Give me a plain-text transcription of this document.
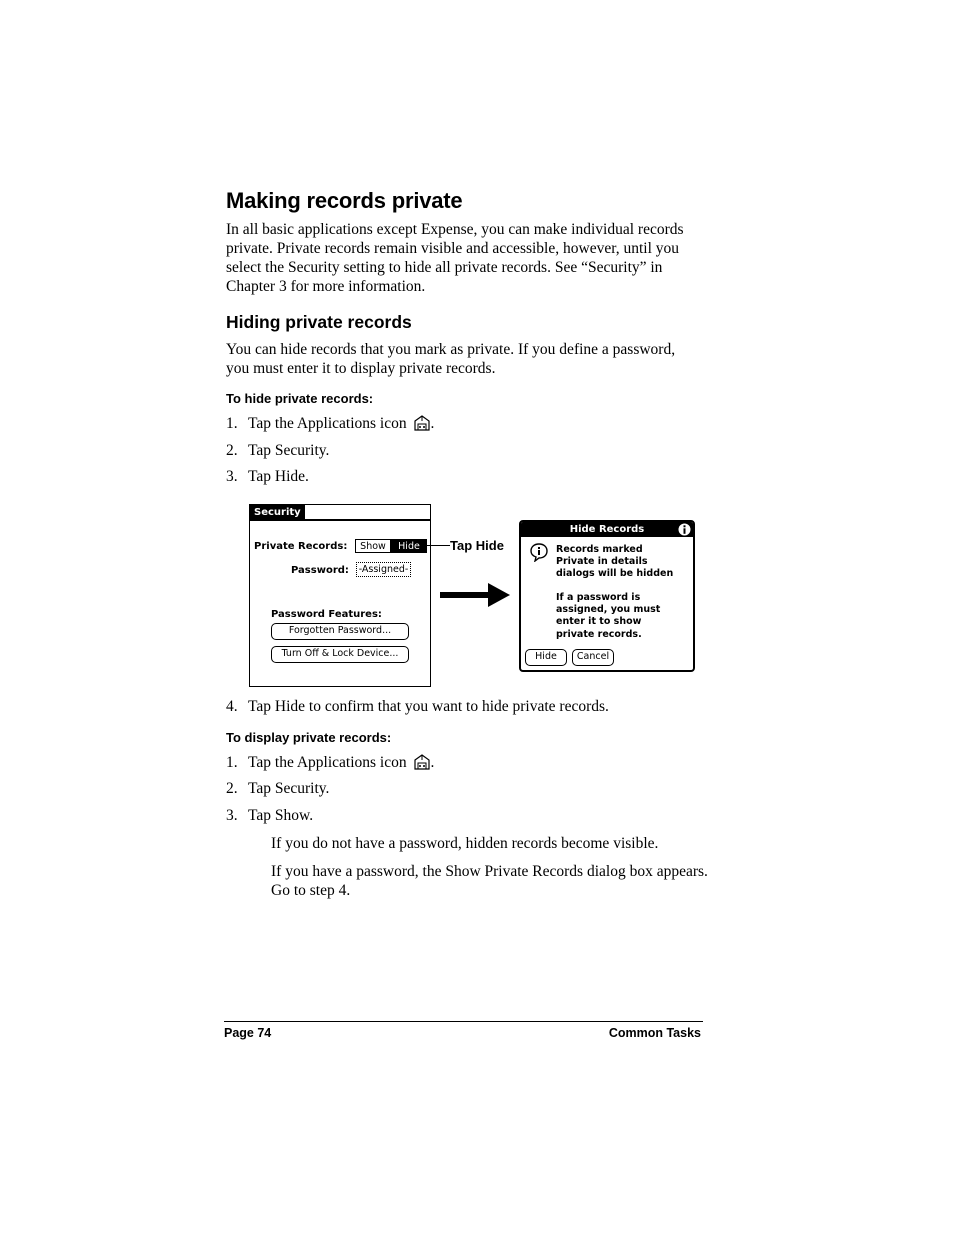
Making records private
In all basic applications except Expense, you can make individual records private. Private records remain visible and accessible, however, until you select the Security setting to hide all private records. See “Security” in Chapter 3 for more information.
Hiding private records
You can hide records that you mark as private. If you define a password, you must enter it to display private records.
To hide private records:
1. Tap the Applications icon .
2. Tap Security.
3. Tap Hide.
Security
Private Records:	Show	Hide
Password: -Assigned-
Password Features:
Forgotten Password...
Turn Off & Lock Device...
Tap Hide
Hide Records
Records marked
Private in details
dialogs will be hidden
If a password is
assigned, you must
enter it to show
private records.
Hide	Cancel
4. Tap Hide to confirm that you want to hide private records.
To display private records:
1. Tap the Applications icon .
2. Tap Security.
3. Tap Show.
If you do not have a password, hidden records become visible.
If you have a password, the Show Private Records dialog box appears. Go to step 4.
Page 74	Common Tasks
